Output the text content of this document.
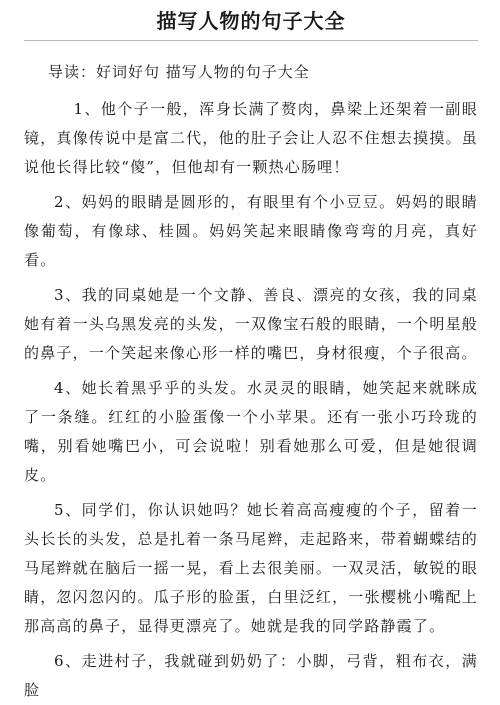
描写人物的句子大全

导读：好词好句 描写人物的句子大全

1、他个子一般，浑身长满了赘肉，鼻梁上还架着一副眼镜，真像传说中是富二代，他的肚子会让人忍不住想去摸摸。虽说他长得比较“傻”，但他却有一颗热心肠哩！

2、妈妈的眼睛是圆形的，有眼里有个小豆豆。妈妈的眼睛像葡萄，有像球、桂圆。妈妈笑起来眼睛像弯弯的月亮，真好看。

3、我的同桌她是一个文静、善良、漂亮的女孩，我的同桌她有着一头乌黑发亮的头发，一双像宝石般的眼睛，一个明星般的鼻子，一个笑起来像心形一样的嘴巴，身材很瘦，个子很高。

4、她长着黑乎乎的头发。水灵灵的眼睛，她笑起来就眯成了一条缝。红红的小脸蛋像一个小苹果。还有一张小巧玲珑的嘴，别看她嘴巴小，可会说啦！别看她那么可爱，但是她很调皮。

5、同学们，你认识她吗？她长着高高瘦瘦的个子，留着一头长长的头发，总是扎着一条马尾辫，走起路来，带着蝴蝶结的马尾辫就在脑后一摇一晃，看上去很美丽。一双灵活，敏锐的眼睛，忽闪忽闪的。瓜子形的脸蛋，白里泛红，一张樱桃小嘴配上那高高的鼻子，显得更漂亮了。她就是我的同学路静霞了。

6、走进村子，我就碰到奶奶了：小脚，弓背，粗布衣，满脸
